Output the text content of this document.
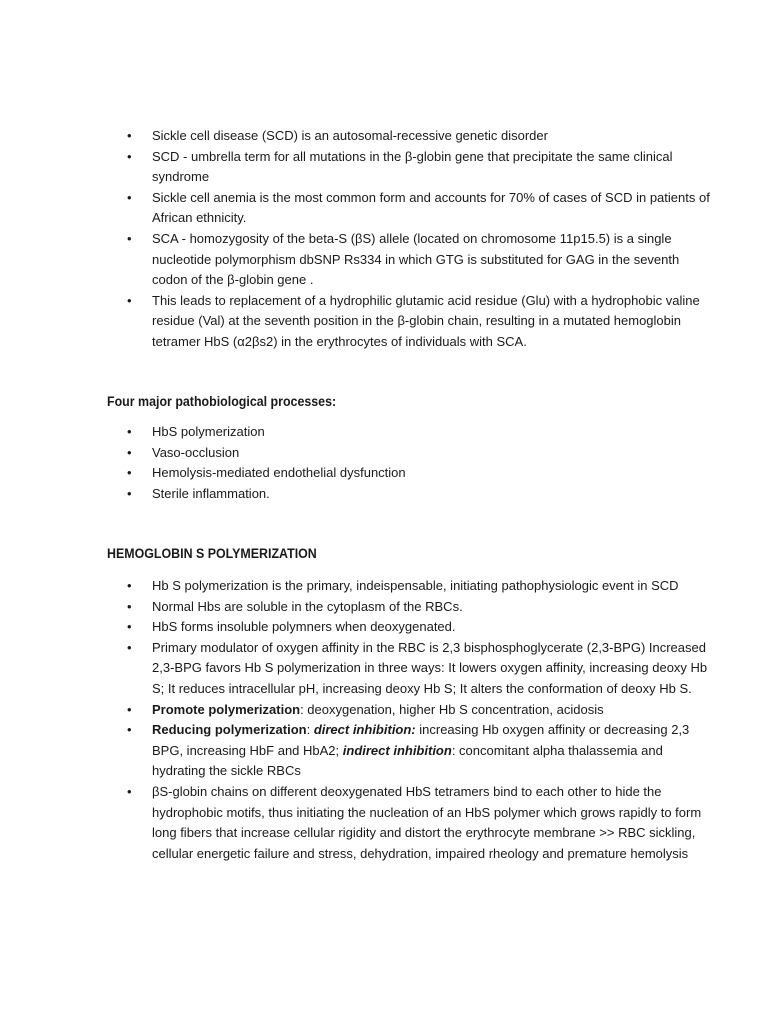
• Sickle cell disease (SCD) is an autosomal-recessive genetic disorder
• SCD - umbrella term for all mutations in the β-globin gene that precipitate the same clinical syndrome
• Sickle cell anemia is the most common form and accounts for 70% of cases of SCD in patients of African ethnicity.
• SCA - homozygosity of the beta-S (βS) allele (located on chromosome 11p15.5) is a single nucleotide polymorphism dbSNP Rs334 in which GTG is substituted for GAG in the seventh codon of the β-globin gene .
• This leads to replacement of a hydrophilic glutamic acid residue (Glu) with a hydrophobic valine residue (Val) at the seventh position in the β-globin chain, resulting in a mutated hemoglobin tetramer HbS (α2βs2) in the erythrocytes of individuals with SCA.
Four major pathobiological processes:
• HbS polymerization
• Vaso-occlusion
• Hemolysis-mediated endothelial dysfunction
• Sterile inflammation.
HEMOGLOBIN S POLYMERIZATION
• Hb S polymerization is the primary, indeispensable, initiating pathophysiologic event in SCD
• Normal Hbs are soluble in the cytoplasm of the RBCs.
• HbS forms insoluble polymners when deoxygenated.
• Primary modulator of oxygen affinity in the RBC is 2,3 bisphosphoglycerate (2,3-BPG) Increased 2,3-BPG favors Hb S polymerization in three ways: It lowers oxygen affinity, increasing deoxy Hb S; It reduces intracellular pH, increasing deoxy Hb S; It alters the conformation of deoxy Hb S.
• Promote polymerization: deoxygenation, higher Hb S concentration, acidosis
• Reducing polymerization: direct inhibition: increasing Hb oxygen affinity or decreasing 2,3 BPG, increasing HbF and HbA2; indirect inhibition: concomitant alpha thalassemia and hydrating the sickle RBCs
• βS-globin chains on different deoxygenated HbS tetramers bind to each other to hide the hydrophobic motifs, thus initiating the nucleation of an HbS polymer which grows rapidly to form long fibers that increase cellular rigidity and distort the erythrocyte membrane >> RBC sickling, cellular energetic failure and stress, dehydration, impaired rheology and premature hemolysis
